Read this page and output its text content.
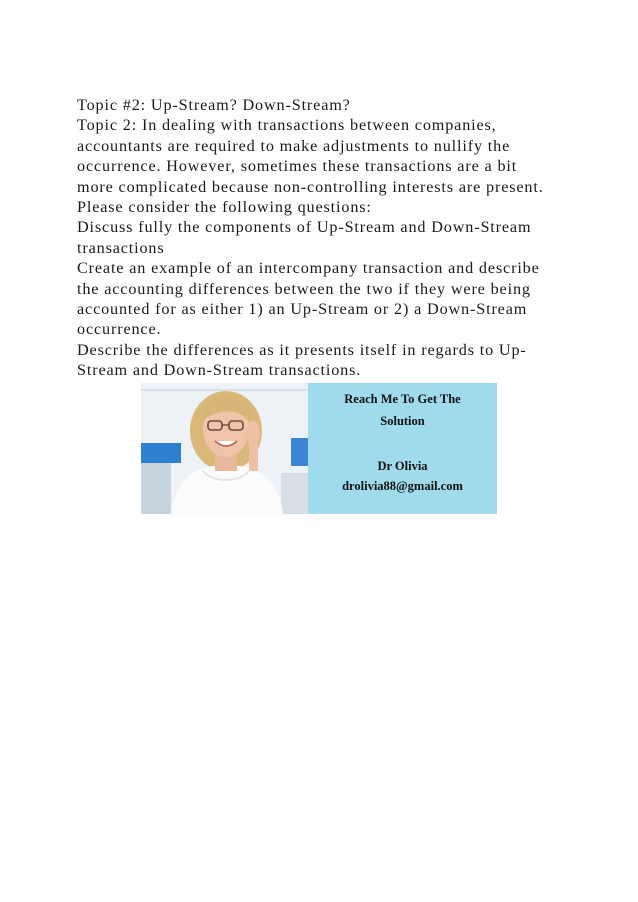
Topic #2: Up-Stream? Down-Stream?

Topic 2: In dealing with transactions between companies,
accountants are required to make adjustments to nullify the
occurrence. However, sometimes these transactions are a bit
more complicated because non-controlling interests are present.

Please consider the following questions:

Discuss fully the components of Up-Stream and Down-Stream
transactions

Create an example of an intercompany transaction and describe
the accounting differences between the two if they were being
accounted for as either 1) an Up-Stream or 2) a Down-Stream
occurrence.

Describe the differences as it presents itself in regards to Up-
Stream and Down-Stream transactions.

Reach Me To Get The
Solution
Dr Olivia
drolivia88@gmail.com
